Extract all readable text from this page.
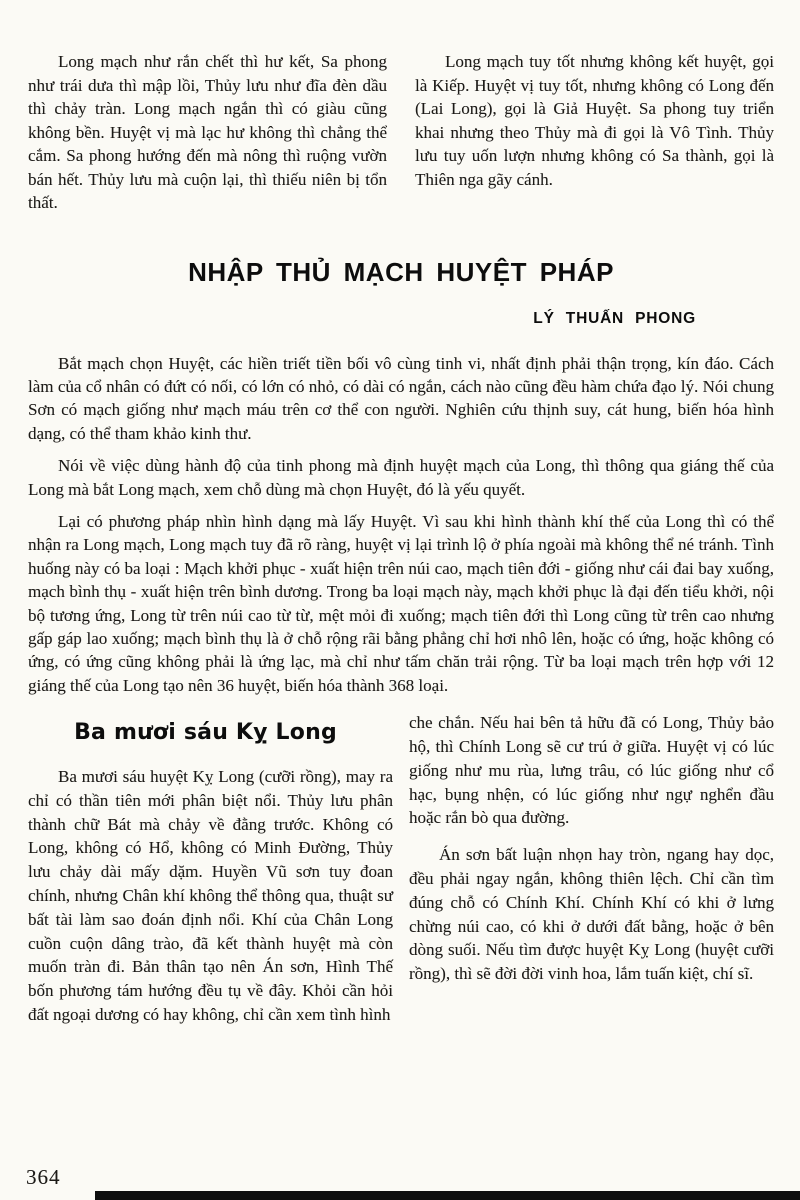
Long mạch như rắn chết thì hư kết, Sa phong như trái dưa thì mập lồi, Thủy lưu như đĩa đèn dầu thì chảy tràn. Long mạch ngắn thì có giàu cũng không bền. Huyệt vị mà lạc hư không thì chẳng thể cắm. Sa phong hướng đến mà nông thì ruộng vườn bán hết. Thủy lưu mà cuộn lại, thì thiếu niên bị tổn thất.

Long mạch tuy tốt nhưng không kết huyệt, gọi là Kiếp. Huyệt vị tuy tốt, nhưng không có Long đến (Lai Long), gọi là Giả Huyệt. Sa phong tuy triển khai nhưng theo Thủy mà đi gọi là Vô Tình. Thủy lưu tuy uốn lượn nhưng không có Sa thành, gọi là Thiên nga gãy cánh.

NHẬP THỦ MẠCH HUYỆT PHÁP
LÝ THUẤN PHONG

Bắt mạch chọn Huyệt, các hiền triết tiền bối vô cùng tinh vi, nhất định phải thận trọng, kín đáo. Cách làm của cổ nhân có đứt có nối, có lớn có nhỏ, có dài có ngắn, cách nào cũng đều hàm chứa đạo lý. Nói chung Sơn có mạch giống như mạch máu trên cơ thể con người. Nghiên cứu thịnh suy, cát hung, biến hóa hình dạng, có thể tham khảo kinh thư.

Nói về việc dùng hành độ của tinh phong mà định huyệt mạch của Long, thì thông qua giáng thế của Long mà bắt Long mạch, xem chỗ dùng mà chọn Huyệt, đó là yếu quyết.

Lại có phương pháp nhìn hình dạng mà lấy Huyệt. Vì sau khi hình thành khí thế của Long thì có thể nhận ra Long mạch, Long mạch tuy đã rõ ràng, huyệt vị lại trình lộ ở phía ngoài mà không thể né tránh. Tình huống này có ba loại : Mạch khởi phục - xuất hiện trên núi cao, mạch tiên đới - giống như cái đai bay xuống, mạch bình thụ - xuất hiện trên bình dương. Trong ba loại mạch này, mạch khởi phục là đại đến tiểu khởi, nội bộ tương ứng, Long từ trên núi cao từ từ, mệt mỏi đi xuống; mạch tiên đới thì Long cũng từ trên cao nhưng gấp gáp lao xuống; mạch bình thụ là ở chỗ rộng rãi bằng phẳng chỉ hơi nhô lên, hoặc có ứng, hoặc không có ứng, có ứng cũng không phải là ứng lạc, mà chỉ như tấm chăn trải rộng. Từ ba loại mạch trên hợp với 12 giáng thế của Long tạo nên 36 huyệt, biến hóa thành 368 loại.

Ba mươi sáu Kỵ Long

Ba mươi sáu huyệt Kỵ Long (cưỡi rồng), may ra chỉ có thần tiên mới phân biệt nổi. Thủy lưu phân thành chữ Bát mà chảy về đằng trước. Không có Long, không có Hổ, không có Minh Đường, Thủy lưu chảy dài mấy dặm. Huyền Vũ sơn tuy đoan chính, nhưng Chân khí không thể thông qua, thuật sư bất tài làm sao đoán định nổi. Khí của Chân Long cuồn cuộn dâng trào, đã kết thành huyệt mà còn muốn tràn đi. Bản thân tạo nên Án sơn, Hình Thế bốn phương tám hướng đều tụ về đây. Khỏi cần hỏi đất ngoại dương có hay không, chỉ cần xem tình hình

che chắn. Nếu hai bên tả hữu đã có Long, Thủy bảo hộ, thì Chính Long sẽ cư trú ở giữa. Huyệt vị có lúc giống như mu rùa, lưng trâu, có lúc giống như cổ hạc, bụng nhện, có lúc giống như ngự nghển đầu hoặc rắn bò qua đường.

Án sơn bất luận nhọn hay tròn, ngang hay dọc, đều phải ngay ngắn, không thiên lệch. Chỉ cần tìm đúng chỗ có Chính Khí. Chính Khí có khi ở lưng chừng núi cao, có khi ở dưới đất bằng, hoặc ở bên dòng suối. Nếu tìm được huyệt Kỵ Long (huyệt cưỡi rồng), thì sẽ đời đời vinh hoa, lắm tuấn kiệt, chí sĩ.

364
